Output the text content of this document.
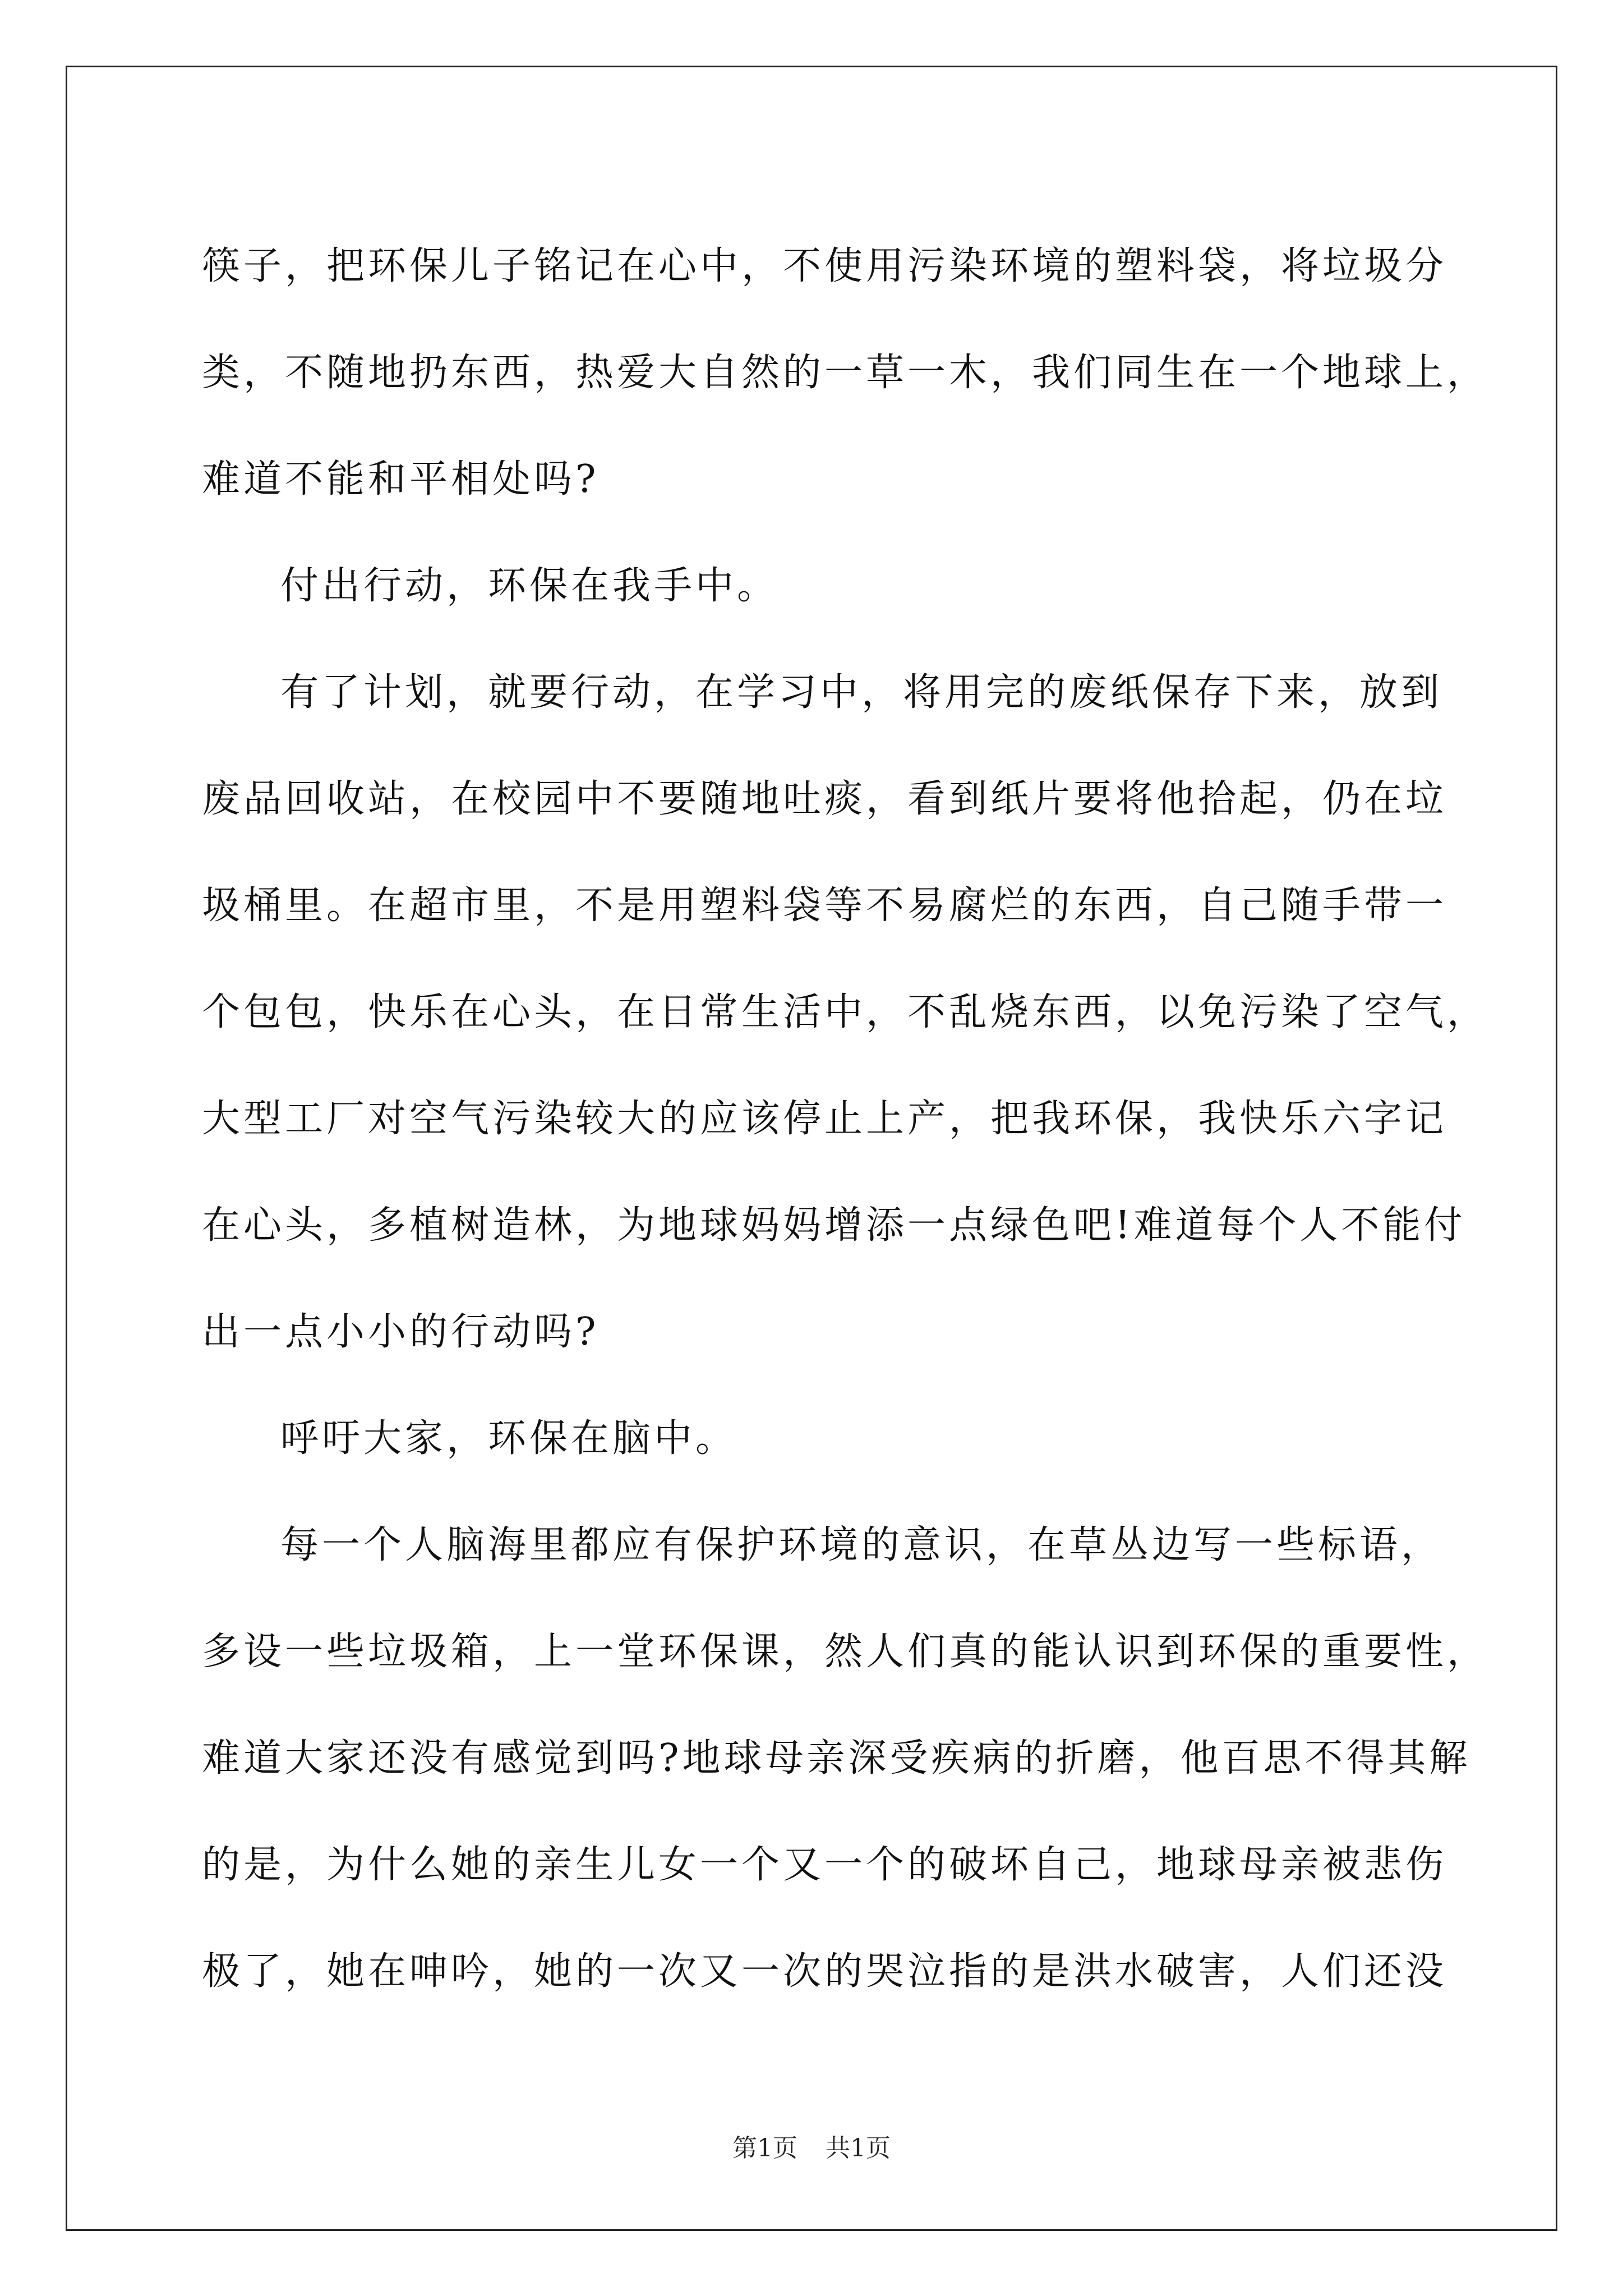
筷子，把环保儿子铭记在心中，不使用污染环境的塑料袋，将垃圾分
类，不随地扔东西，热爱大自然的一草一木，我们同生在一个地球上，
难道不能和平相处吗?
付出行动，环保在我手中。
有了计划，就要行动，在学习中，将用完的废纸保存下来，放到
废品回收站，在校园中不要随地吐痰，看到纸片要将他拾起，仍在垃
圾桶里。在超市里，不是用塑料袋等不易腐烂的东西，自己随手带一
个包包，快乐在心头，在日常生活中，不乱烧东西，以免污染了空气，
大型工厂对空气污染较大的应该停止上产，把我环保，我快乐六字记
在心头，多植树造林，为地球妈妈增添一点绿色吧!难道每个人不能付
出一点小小的行动吗?
呼吁大家，环保在脑中。
每一个人脑海里都应有保护环境的意识，在草丛边写一些标语，
多设一些垃圾箱，上一堂环保课，然人们真的能认识到环保的重要性，
难道大家还没有感觉到吗?地球母亲深受疾病的折磨，他百思不得其解
的是，为什么她的亲生儿女一个又一个的破坏自己，地球母亲被悲伤
极了，她在呻吟，她的一次又一次的哭泣指的是洪水破害，人们还没
第1页 共1页
